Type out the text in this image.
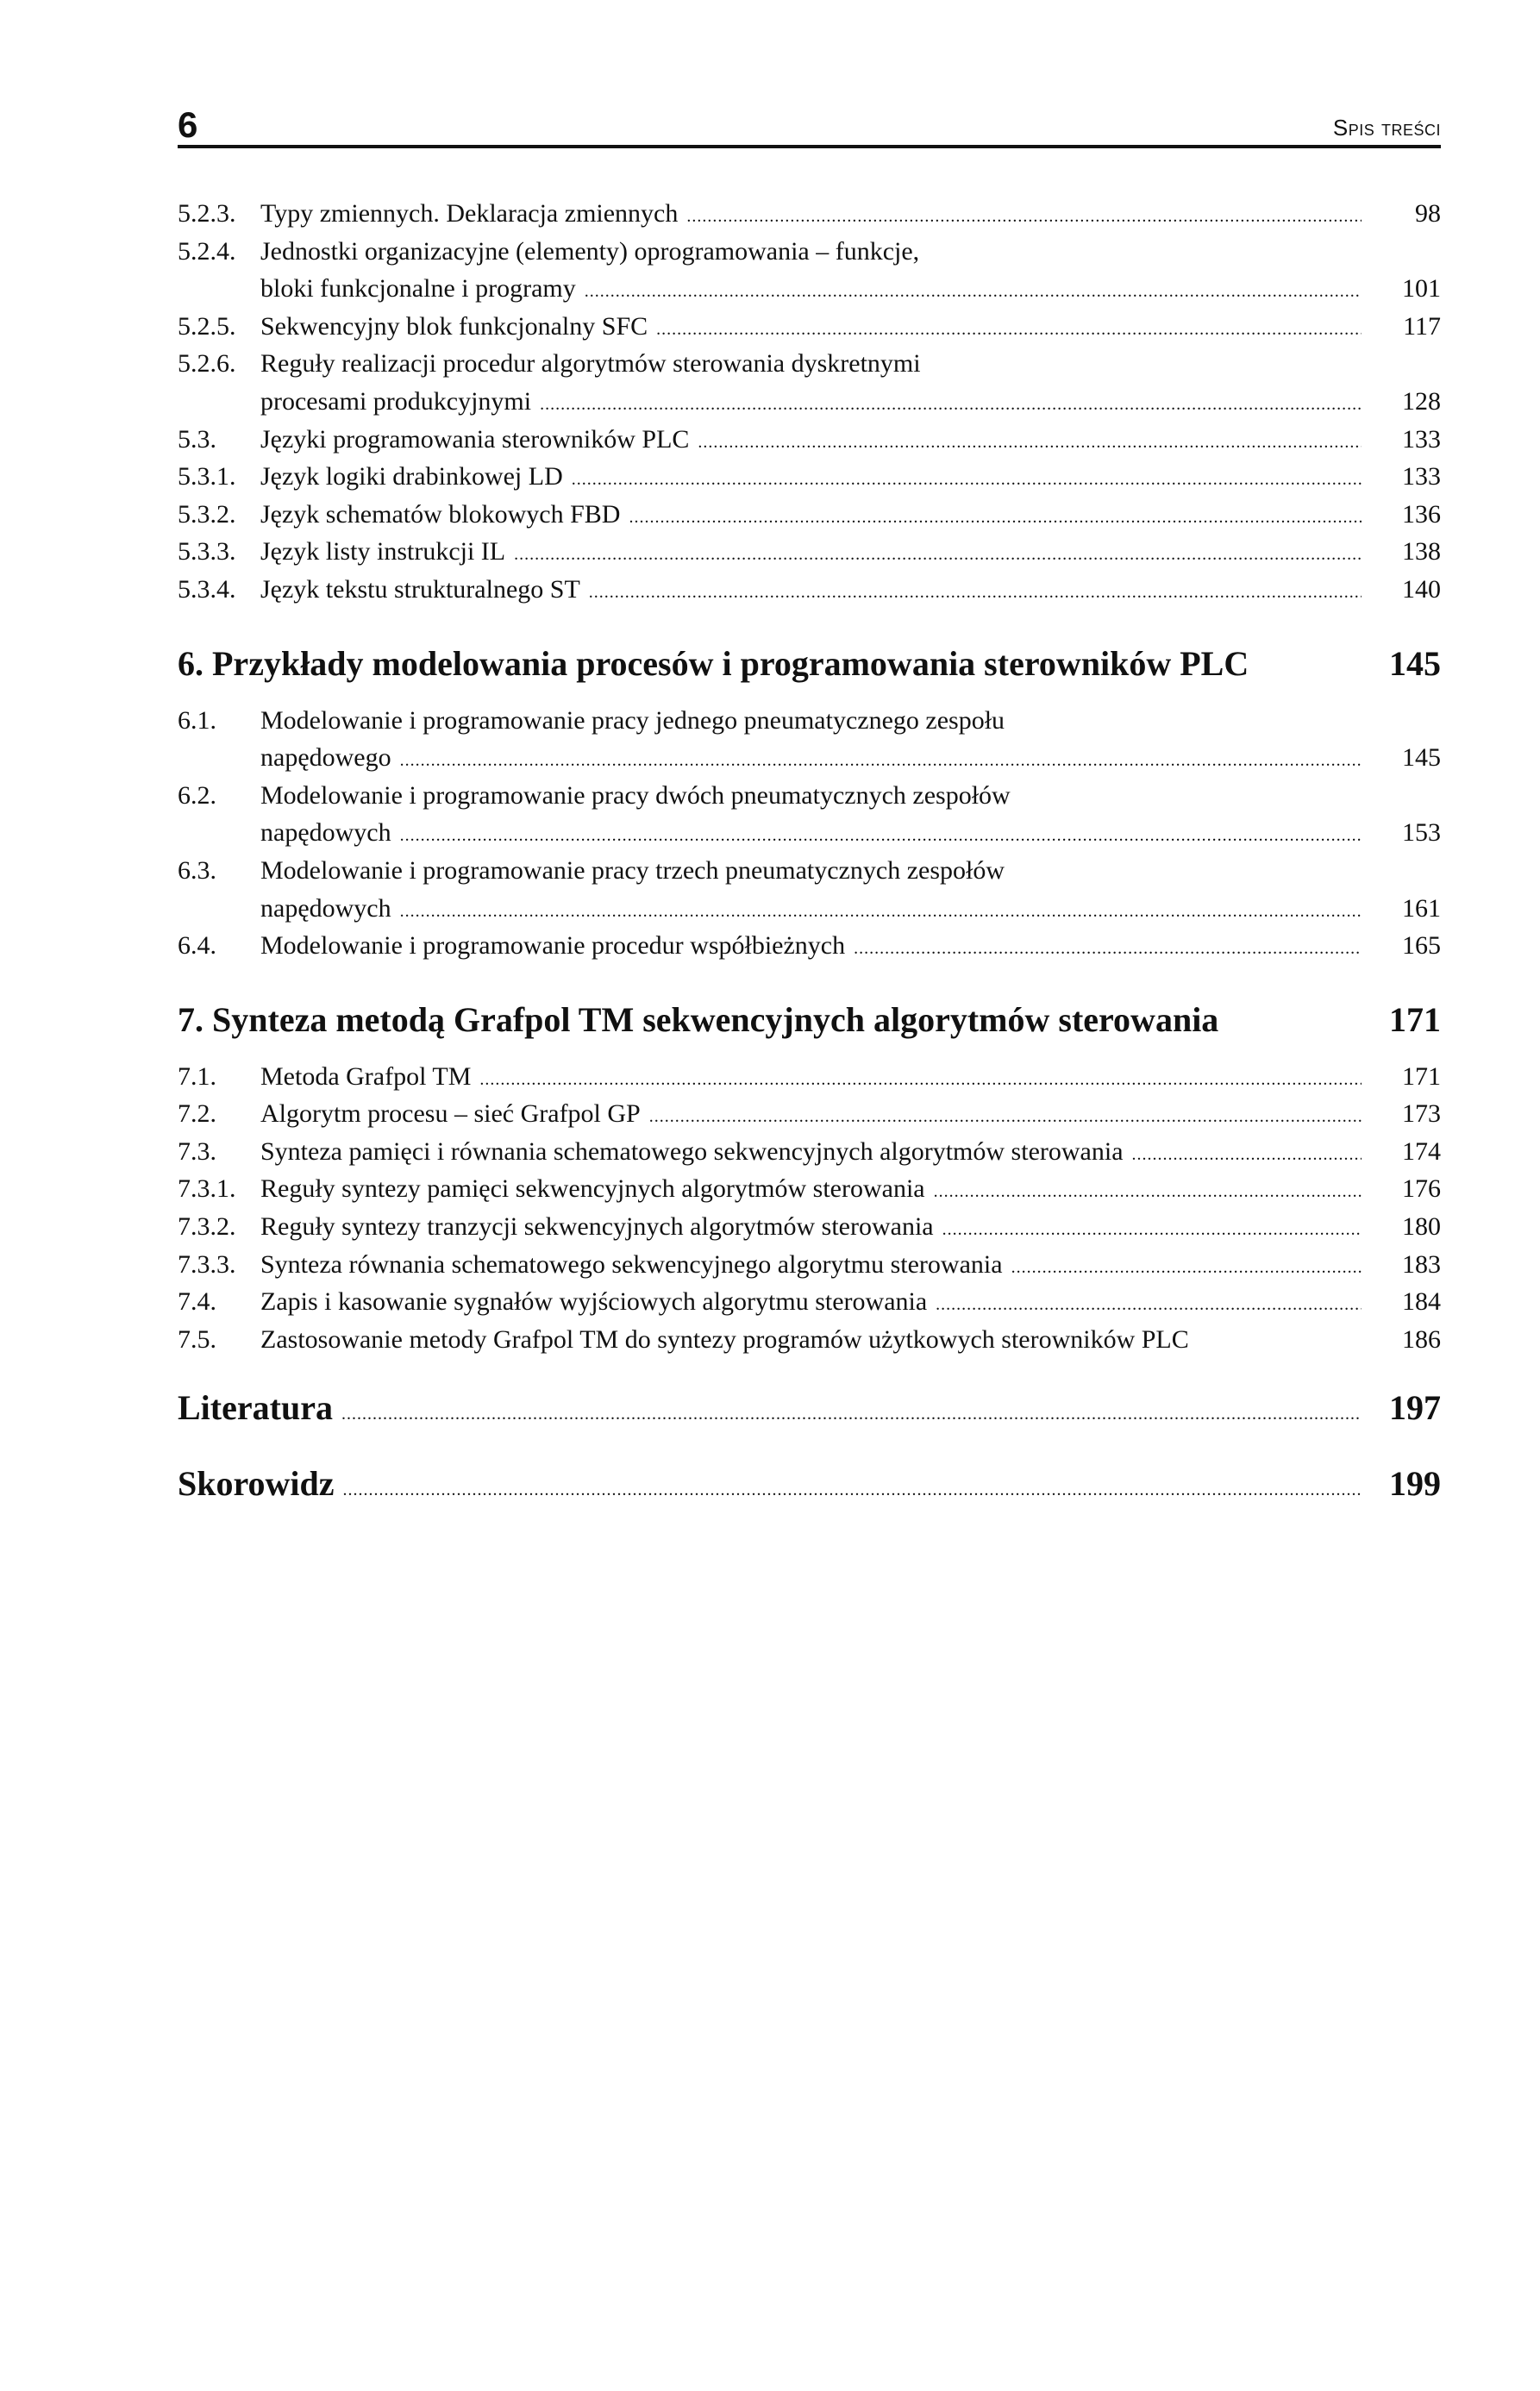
6	Spis treści
5.2.3. Typy zmiennych. Deklaracja zmiennych .....	98
5.2.4. Jednostki organizacyjne (elementy) oprogramowania – funkcje,
bloki funkcjonalne i programy .....	101
5.2.5. Sekwencyjny blok funkcjonalny SFC .....	117
5.2.6. Reguły realizacji procedur algorytmów sterowania dyskretnymi
procesami produkcyjnymi .....	128
5.3.	Języki programowania sterowników PLC .....	133
5.3.1. Język logiki drabinkowej LD .....	133
5.3.2. Język schematów blokowych FBD .....	136
5.3.3. Język listy instrukcji IL .....	138
5.3.4. Język tekstu strukturalnego ST .....	140
6. Przykłady modelowania procesów i programowania sterowników PLC	145
6.1.	Modelowanie i programowanie pracy jednego pneumatycznego zespołu
napędowego .....	145
6.2.	Modelowanie i programowanie pracy dwóch pneumatycznych zespołów
napędowych .....	153
6.3.	Modelowanie i programowanie pracy trzech pneumatycznych zespołów
napędowych .....	161
6.4.	Modelowanie i programowanie procedur współbieżnych .....	165
7. Synteza metodą Grafpol TM sekwencyjnych algorytmów sterowania	171
7.1.	Metoda Grafpol TM .....	171
7.2.	Algorytm procesu – sieć Grafpol GP .....	173
7.3.	Synteza pamięci i równania schematowego sekwencyjnych algorytmów sterowania .....	174
7.3.1. Reguły syntezy pamięci sekwencyjnych algorytmów sterowania .....	176
7.3.2. Reguły syntezy tranzycji sekwencyjnych algorytmów sterowania .....	180
7.3.3. Synteza równania schematowego sekwencyjnego algorytmu sterowania .....	183
7.4.	Zapis i kasowanie sygnałów wyjściowych algorytmu sterowania .....	184
7.5.	Zastosowanie metody Grafpol TM do syntezy programów użytkowych sterowników PLC	186
Literatura .....	197
Skorowidz .....	199
